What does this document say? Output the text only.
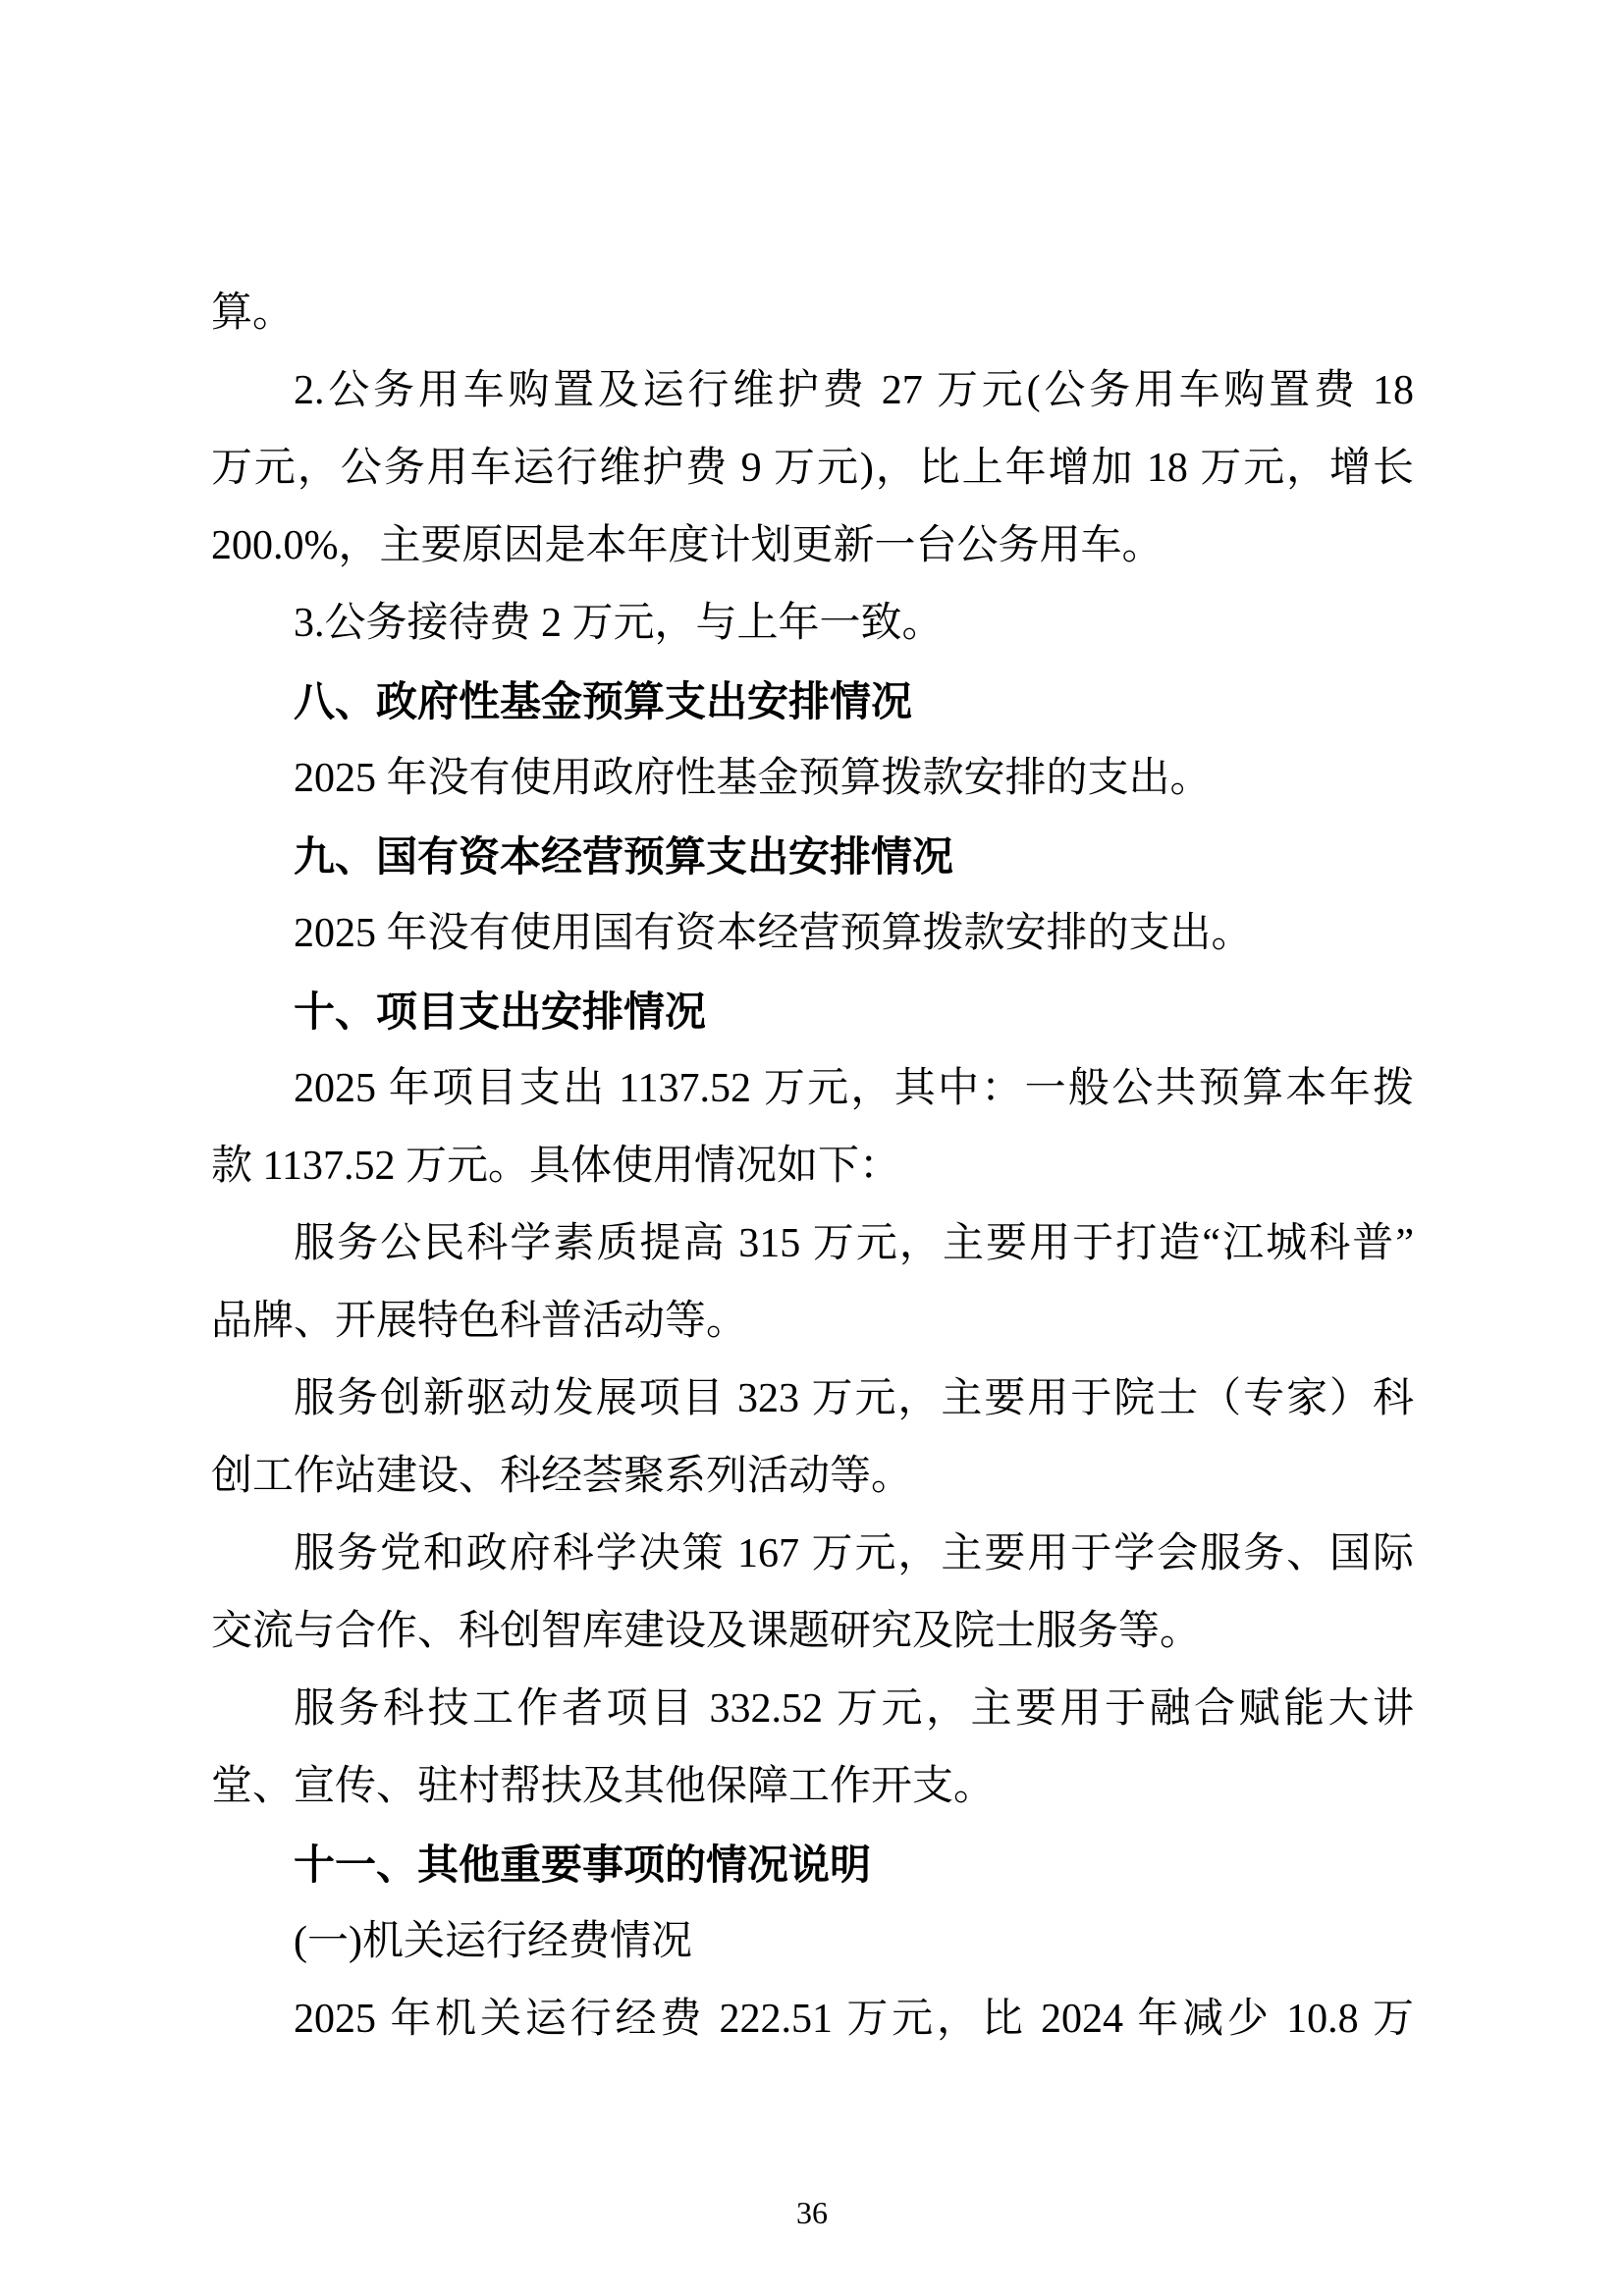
算。
2.公务用车购置及运行维护费 27 万元(公务用车购置费 18
万元，公务用车运行维护费 9 万元)，比上年增加 18 万元，增长
200.0%，主要原因是本年度计划更新一台公务用车。
3.公务接待费 2 万元，与上年一致。
八、政府性基金预算支出安排情况
2025 年没有使用政府性基金预算拨款安排的支出。
九、国有资本经营预算支出安排情况
2025 年没有使用国有资本经营预算拨款安排的支出。
十、项目支出安排情况
2025 年项目支出 1137.52 万元，其中：一般公共预算本年拨
款 1137.52 万元。具体使用情况如下：
服务公民科学素质提高 315 万元，主要用于打造“江城科普”
品牌、开展特色科普活动等。
服务创新驱动发展项目 323 万元，主要用于院士（专家）科
创工作站建设、科经荟聚系列活动等。
服务党和政府科学决策 167 万元，主要用于学会服务、国际
交流与合作、科创智库建设及课题研究及院士服务等。
服务科技工作者项目 332.52 万元，主要用于融合赋能大讲
堂、宣传、驻村帮扶及其他保障工作开支。
十一、其他重要事项的情况说明
(一)机关运行经费情况
2025 年机关运行经费 222.51 万元，比 2024 年减少 10.8 万
36
